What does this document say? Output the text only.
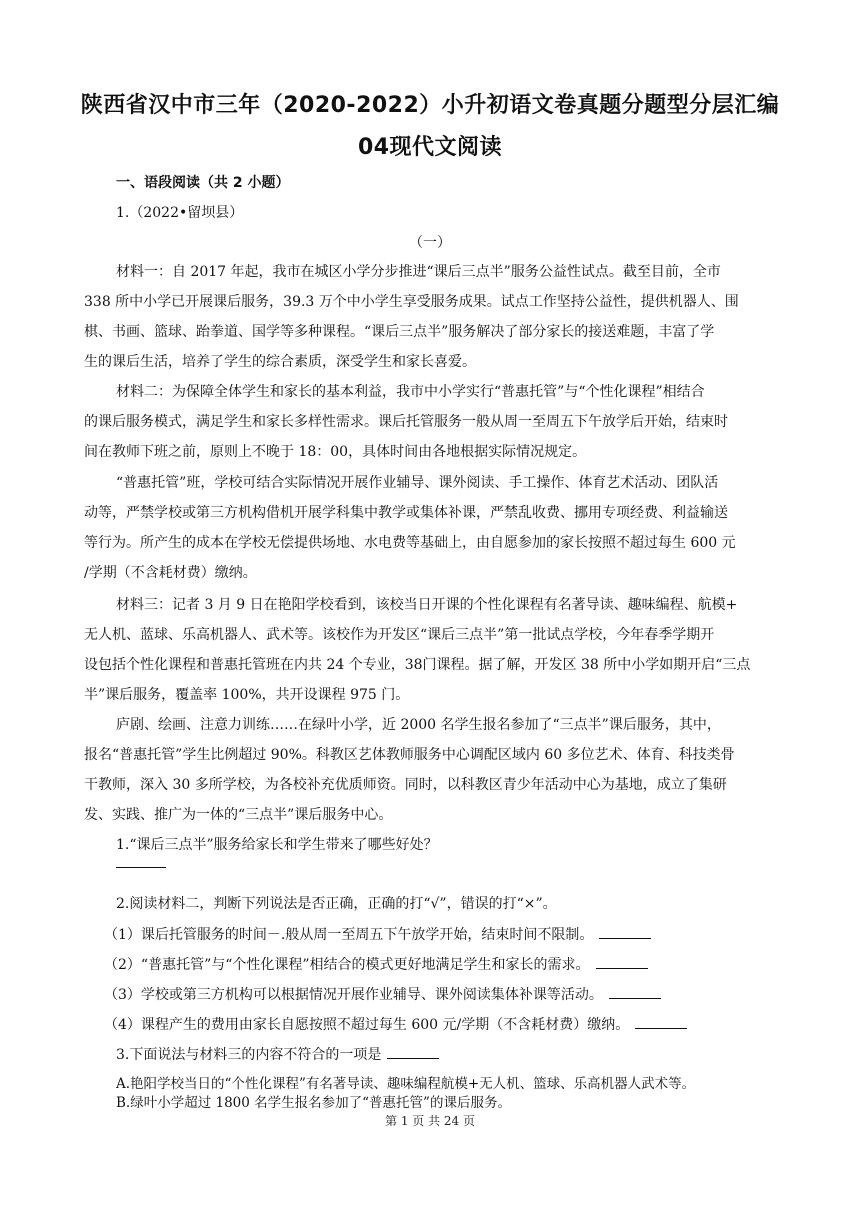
陕西省汉中市三年（2020-2022）小升初语文卷真题分题型分层汇编
04现代文阅读
一、语段阅读（共 2 小题）
1.（2022•留坝县）
（一）
材料一：自 2017 年起，我市在城区小学分步推进“课后三点半”服务公益性试点。截至目前，全市
338 所中小学已开展课后服务，39.3 万个中小学生享受服务成果。试点工作坚持公益性，提供机器人、围
棋、书画、篮球、跆拳道、国学等多种课程。“课后三点半”服务解决了部分家长的接送难题，丰富了学
生的课后生活，培养了学生的综合素质，深受学生和家长喜爱。
材料二：为保障全体学生和家长的基本利益，我市中小学实行“普惠托管”与“个性化课程”相结合
的课后服务模式，满足学生和家长多样性需求。课后托管服务一般从周一至周五下午放学后开始，结束时
间在教师下班之前，原则上不晚于 18：00，具体时间由各地根据实际情况规定。
“普惠托管”班，学校可结合实际情况开展作业辅导、课外阅读、手工操作、体育艺术活动、团队活
动等，严禁学校或第三方机构借机开展学科集中教学或集体补课，严禁乱收费、挪用专项经费、利益输送
等行为。所产生的成本在学校无偿提供场地、水电费等基础上，由自愿参加的家长按照不超过每生 600 元
/学期（不含耗材费）缴纳。
材料三：记者 3 月 9 日在艳阳学校看到，该校当日开课的个性化课程有名著导读、趣味编程、航模+
无人机、蓝球、乐高机器人、武术等。该校作为开发区“课后三点半”第一批试点学校，今年春季学期开
设包括个性化课程和普惠托管班在内共 24 个专业，38门课程。据了解，开发区 38 所中小学如期开启“三点
半”课后服务，覆盖率 100%，共开设课程 975 门。
庐剧、绘画、注意力训练……在绿叶小学，近 2000 名学生报名参加了“三点半”课后服务，其中，
报名“普惠托管”学生比例超过 90%。科教区艺体教师服务中心调配区域内 60 多位艺术、体育、科技类骨
干教师，深入 30 多所学校，为各校补充优质师资。同时，以科教区青少年活动中心为基地，成立了集研
发、实践、推广为一体的“三点半”课后服务中心。
1.“课后三点半”服务给家长和学生带来了哪些好处？
2.阅读材料二，判断下列说法是否正确，正确的打“√”，错误的打“×”。
（1）课后托管服务的时间－.般从周一至周五下午放学开始，结束时间不限制。
（2）“普惠托管”与“个性化课程”相结合的模式更好地满足学生和家长的需求。
（3）学校或第三方机构可以根据情况开展作业辅导、课外阅读集体补课等活动。
（4）课程产生的费用由家长自愿按照不超过每生 600 元/学期（不含耗材费）缴纳。
3.下面说法与材料三的内容不符合的一项是
A.艳阳学校当日的“个性化课程”有名著导读、趣味编程航模+无人机、篮球、乐高机器人武术等。
B.绿叶小学超过 1800 名学生报名参加了“普惠托管”的课后服务。
第 1 页 共 24 页
